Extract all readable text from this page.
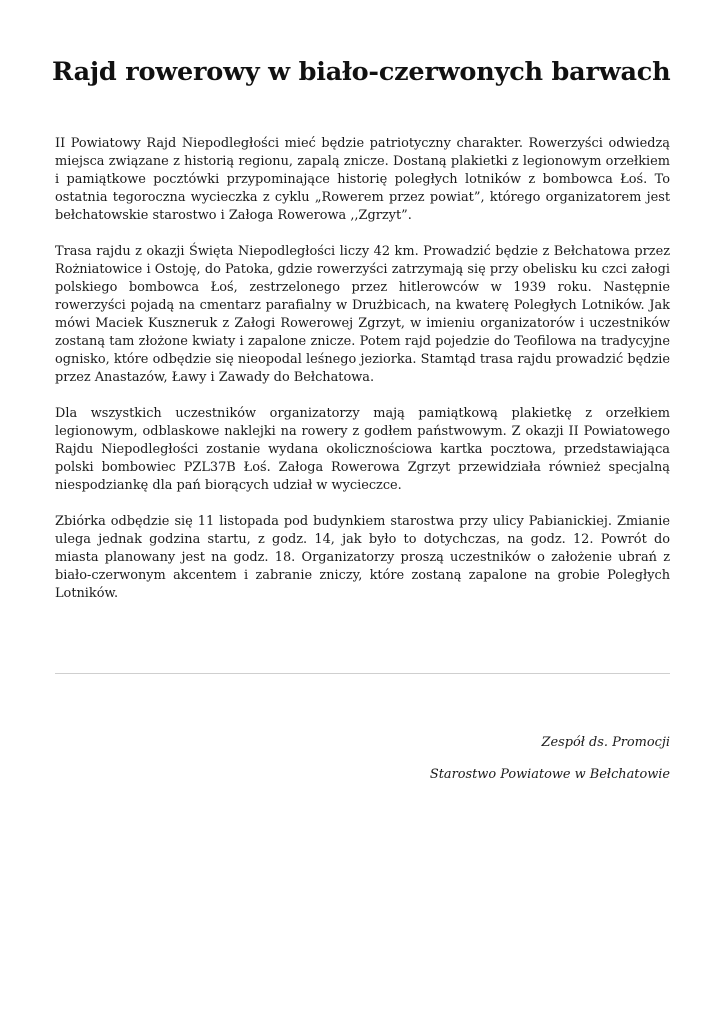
Rajd rowerowy w biało-czerwonych barwach

II Powiatowy Rajd Niepodległości mieć będzie patriotyczny charakter. Rowerzyści odwiedzą miejsca związane z historią regionu, zapalą znicze. Dostaną plakietki z legionowym orzełkiem i pamiątkowe pocztówki przypominające historię poległych lotników z bombowca Łoś. To ostatnia tegoroczna wycieczka z cyklu „Rowerem przez powiat”, którego organizatorem jest bełchatowskie starostwo i Załoga Rowerowa ,,Zgrzyt”.

Trasa rajdu z okazji Święta Niepodległości liczy 42 km. Prowadzić będzie z Bełchatowa przez Rożniatowice i Ostoję, do Patoka, gdzie rowerzyści zatrzymają się przy obelisku ku czci załogi polskiego bombowca Łoś, zestrzelonego przez hitlerowców w 1939 roku. Następnie rowerzyści pojadą na cmentarz parafialny w Drużbicach, na kwaterę Poległych Lotników. Jak mówi Maciek Kuszneruk z Załogi Rowerowej Zgrzyt, w imieniu organizatorów i uczestników zostaną tam złożone kwiaty i zapalone znicze. Potem rajd pojedzie do Teofilowa na tradycyjne ognisko, które odbędzie się nieopodal leśnego jeziorka. Stamtąd trasa rajdu prowadzić będzie przez Anastazów, Ławy i Zawady do Bełchatowa.

Dla wszystkich uczestników organizatorzy mają pamiątkową plakietkę z orzełkiem legionowym, odblaskowe naklejki na rowery z godłem państwowym. Z okazji II Powiatowego Rajdu Niepodległości zostanie wydana okolicznościowa kartka pocztowa, przedstawiająca polski bombowiec PZL37B Łoś. Załoga Rowerowa Zgrzyt przewidziała również specjalną niespodziankę dla pań biorących udział w wycieczce.

Zbiórka odbędzie się 11 listopada pod budynkiem starostwa przy ulicy Pabianickiej. Zmianie ulega jednak godzina startu, z godz. 14, jak było to dotychczas, na godz. 12. Powrót do miasta planowany jest na godz. 18. Organizatorzy proszą uczestników o założenie ubrań z biało-czerwonym akcentem i zabranie zniczy, które zostaną zapalone na grobie Poległych Lotników.

Zespół ds. Promocji

Starostwo Powiatowe w Bełchatowie
